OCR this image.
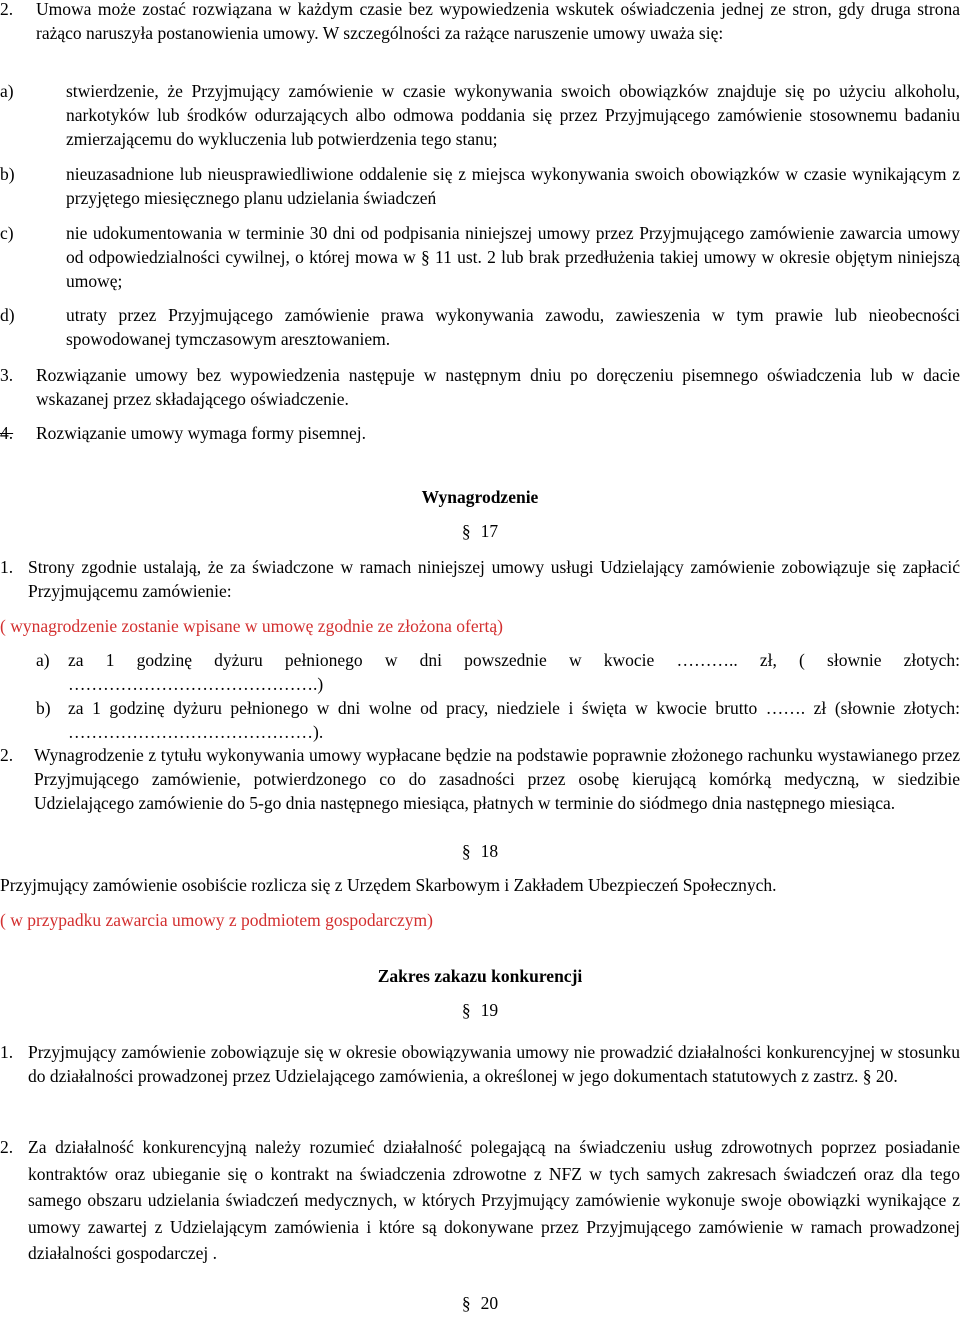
2.	Umowa może zostać rozwiązana w każdym czasie bez wypowiedzenia wskutek oświadczenia jednej ze stron, gdy druga strona rażąco naruszyła postanowienia umowy. W szczególności za rażące naruszenie umowy uważa się:
a)	stwierdzenie, że Przyjmujący zamówienie w czasie wykonywania swoich obowiązków znajduje się po użyciu alkoholu, narkotyków lub środków odurzających albo odmowa poddania się przez Przyjmującego zamówienie stosownemu badaniu zmierzającemu do wykluczenia lub potwierdzenia tego stanu;
b)	nieuzasadnione lub nieusprawiedliwione oddalenie się z miejsca wykonywania swoich obowiązków w czasie wynikającym z przyjętego miesięcznego planu udzielania świadczeń
c)	nie udokumentowania w terminie 30 dni od podpisania niniejszej umowy przez Przyjmującego zamówienie zawarcia umowy od odpowiedzialności cywilnej, o której mowa w § 11 ust. 2 lub brak przedłużenia takiej umowy w okresie objętym niniejszą umowę;
d)	utraty przez Przyjmującego zamówienie prawa wykonywania zawodu, zawieszenia w tym prawie lub nieobecności spowodowanej tymczasowym aresztowaniem.
3.	Rozwiązanie umowy bez wypowiedzenia następuje w następnym dniu po doręczeniu pisemnego oświadczenia lub w dacie wskazanej przez składającego oświadczenie.
4.	Rozwiązanie umowy wymaga formy pisemnej.
Wynagrodzenie
§ 17
1. Strony zgodnie ustalają, że za świadczone w ramach niniejszej umowy usługi Udzielający zamówienie zobowiązuje się zapłacić Przyjmującemu zamówienie:
( wynagrodzenie zostanie wpisane w umowę zgodnie ze złożona ofertą)
a)	za 1 godzinę dyżuru pełnionego w dni powszednie w kwocie ……….. zł, ( słownie złotych: …………………………………….)
b) za 1 godzinę dyżuru pełnionego w dni wolne od pracy, niedziele i święta w kwocie brutto ……. zł (słownie złotych: ……………………………………).
2.	Wynagrodzenie z tytułu wykonywania umowy wypłacane będzie na podstawie poprawnie złożonego rachunku wystawianego przez Przyjmującego zamówienie, potwierdzonego co do zasadności przez osobę kierującą komórką medyczną, w siedzibie Udzielającego zamówienie do 5-go dnia następnego miesiąca, płatnych w terminie do siódmego dnia następnego miesiąca.
§ 18
Przyjmujący zamówienie osobiście rozlicza się z Urzędem Skarbowym i Zakładem Ubezpieczeń Społecznych.
( w przypadku zawarcia umowy z podmiotem gospodarczym)
Zakres zakazu konkurencji
§ 19
1. Przyjmujący zamówienie zobowiązuje się w okresie obowiązywania umowy nie prowadzić działalności konkurencyjnej w stosunku do działalności prowadzonej przez Udzielającego zamówienia, a określonej w jego dokumentach statutowych z zastrz. § 20.
2. Za działalność konkurencyjną należy rozumieć działalność polegającą na świadczeniu usług zdrowotnych poprzez posiadanie kontraktów oraz ubieganie się o kontrakt na świadczenia zdrowotne z NFZ w tych samych zakresach świadczeń oraz dla tego samego obszaru udzielania świadczeń medycznych, w których Przyjmujący zamówienie wykonuje swoje obowiązki wynikające z umowy zawartej z Udzielającym zamówienia i które są dokonywane przez Przyjmującego zamówienie w ramach prowadzonej działalności gospodarczej .
§ 20
